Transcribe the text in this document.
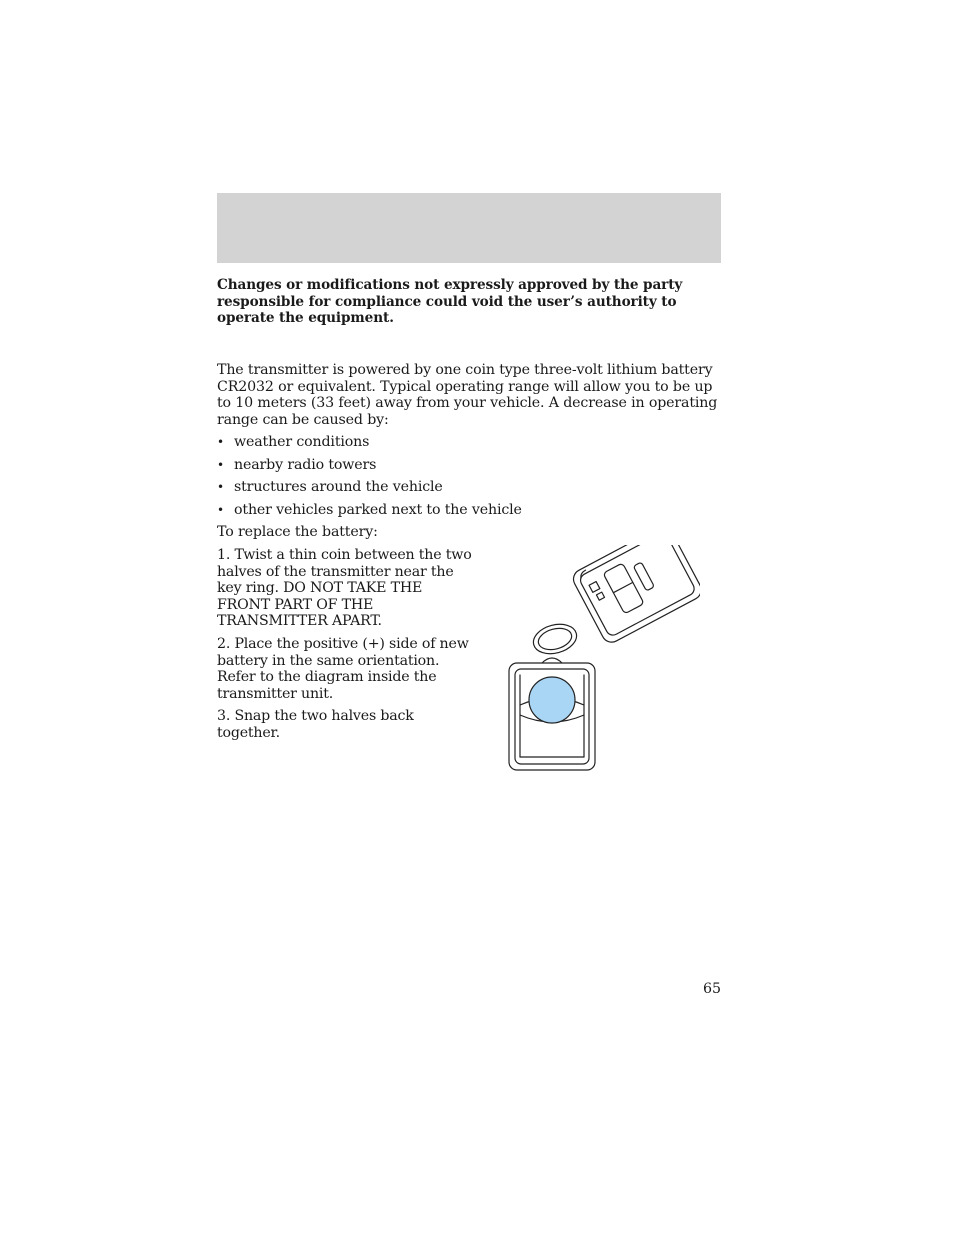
Changes or modifications not expressly approved by the party responsible for compliance could void the user’s authority to operate the equipment.

The transmitter is powered by one coin type three-volt lithium battery CR2032 or equivalent. Typical operating range will allow you to be up to 10 meters (33 feet) away from your vehicle. A decrease in operating range can be caused by:

• weather conditions
• nearby radio towers
• structures around the vehicle
• other vehicles parked next to the vehicle

To replace the battery:

1. Twist a thin coin between the two halves of the transmitter near the key ring. DO NOT TAKE THE FRONT PART OF THE TRANSMITTER APART.

2. Place the positive (+) side of new battery in the same orientation. Refer to the diagram inside the transmitter unit.

3. Snap the two halves back together.

65
